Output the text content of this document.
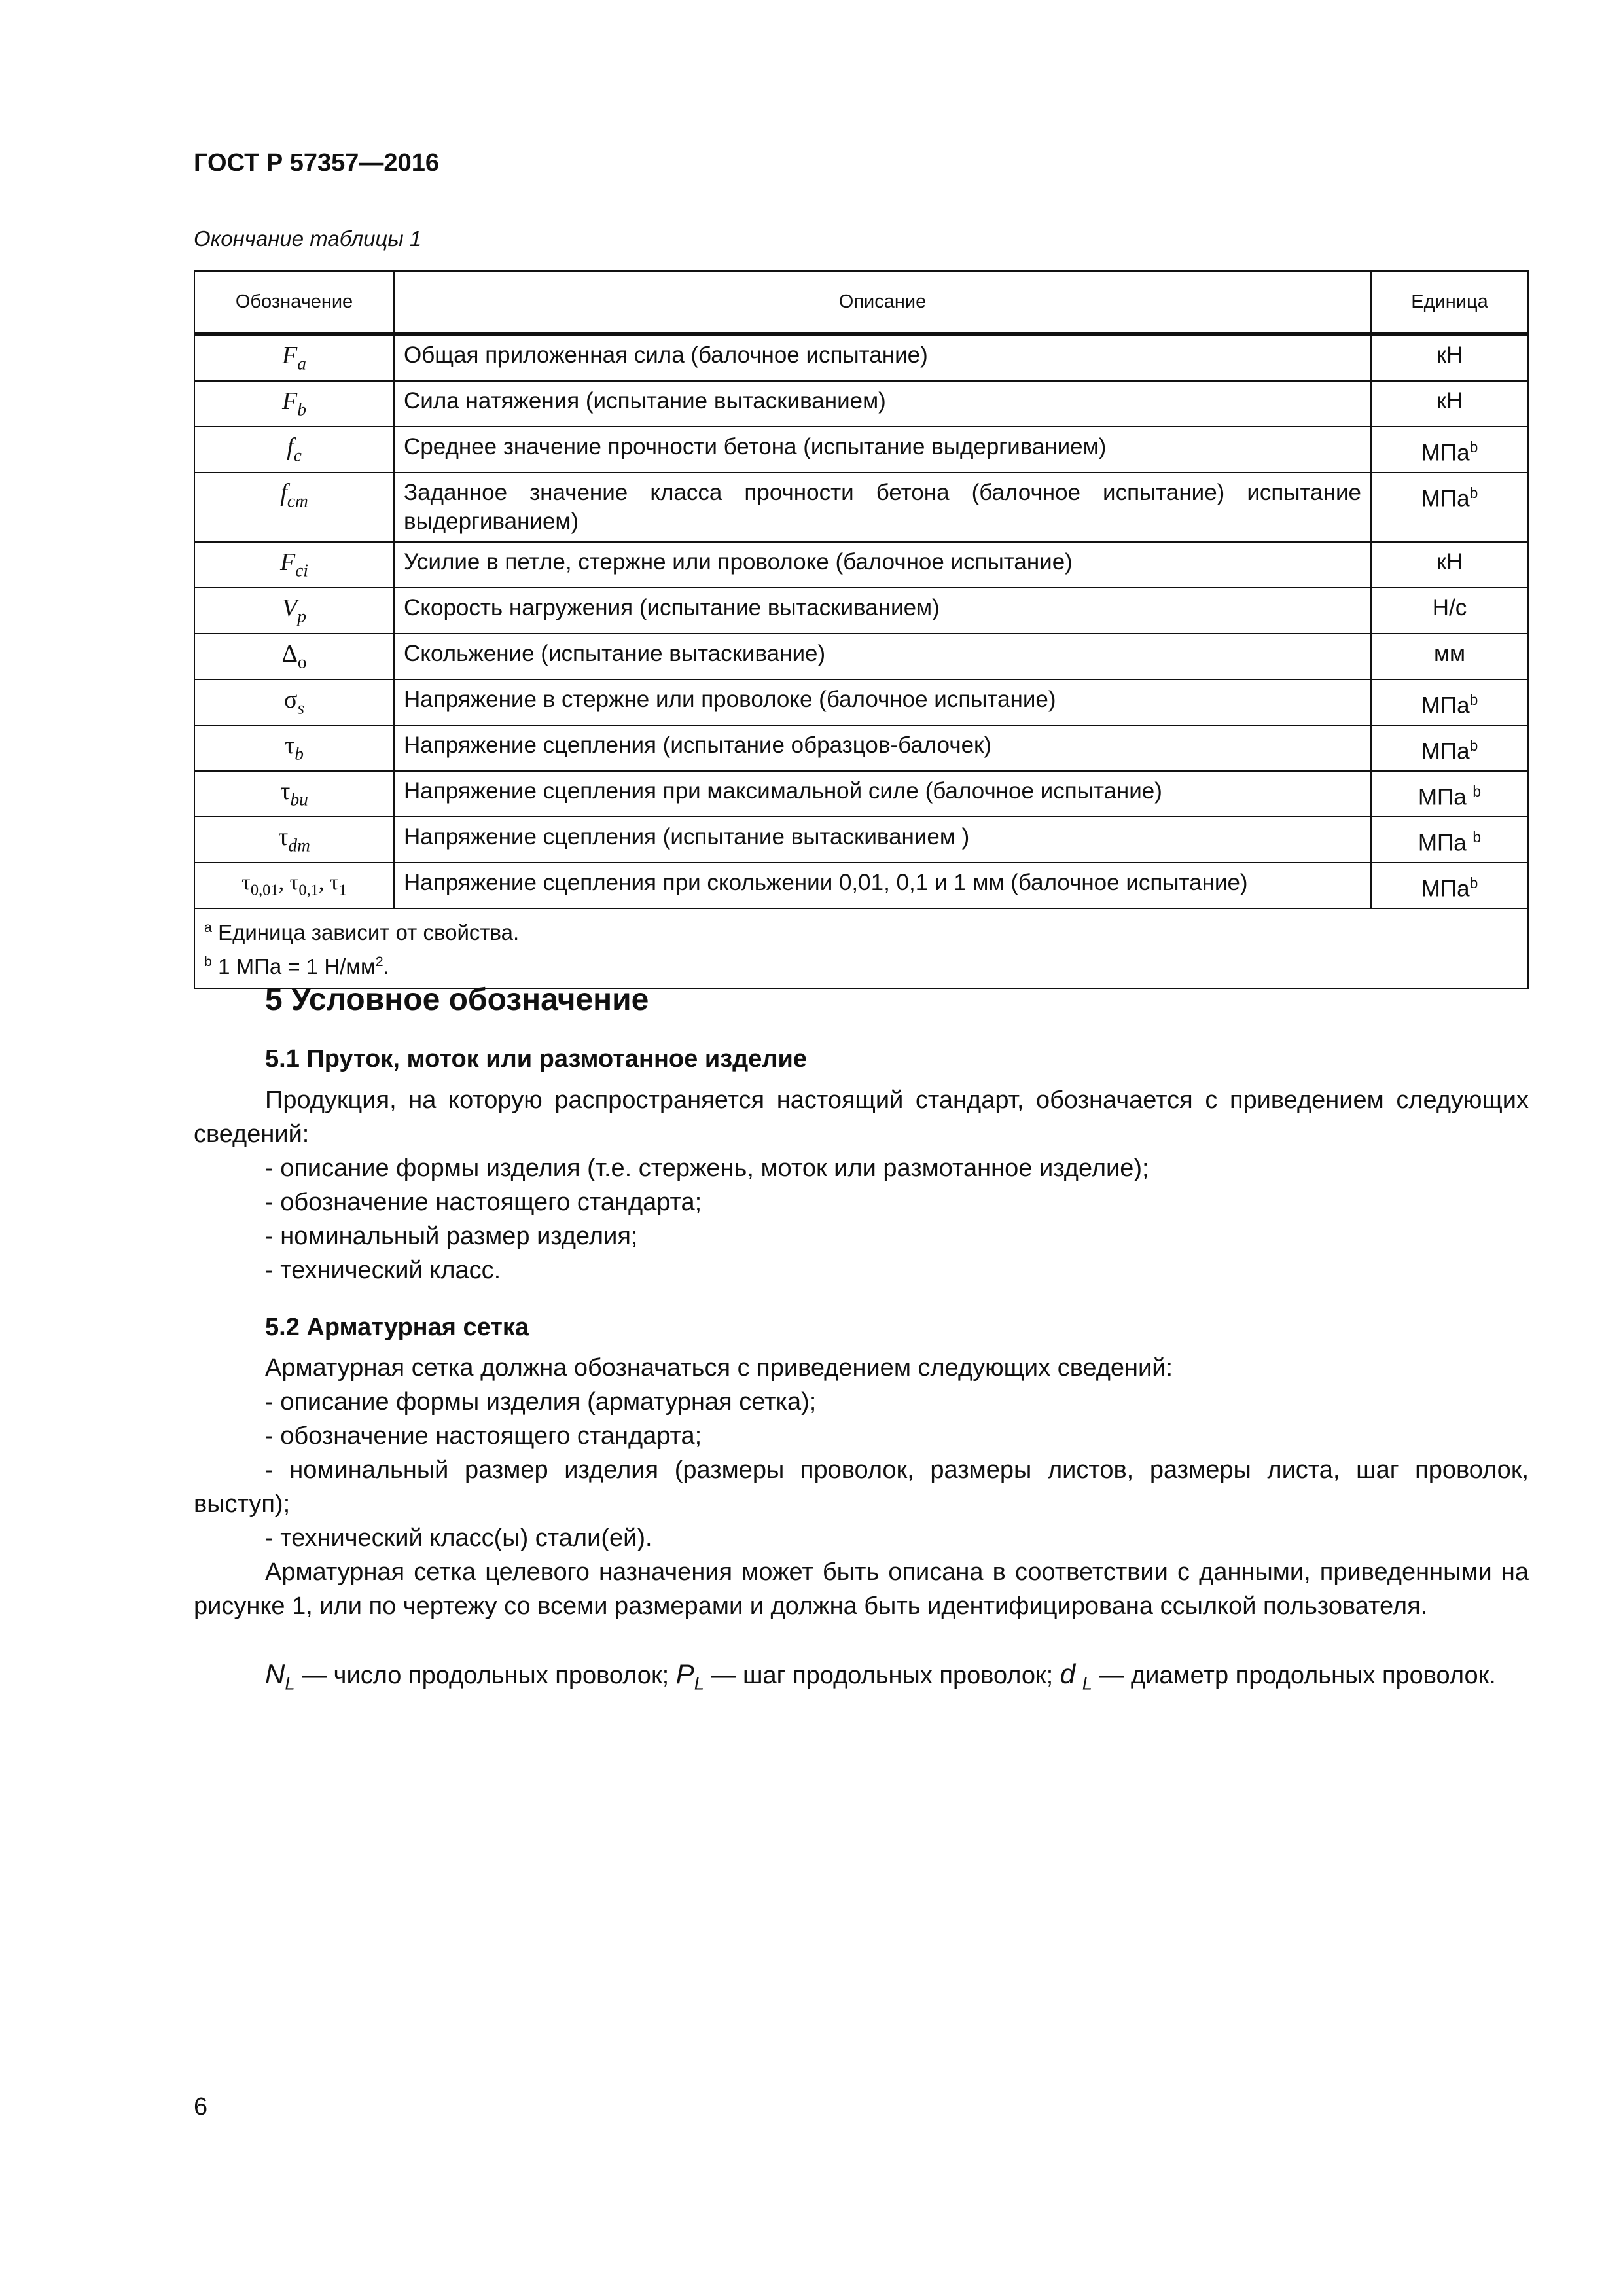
ГОСТ Р 57357—2016
Окончание таблицы 1
Обозначение	Описание	Единица
$F_a$	Общая приложенная сила (балочное испытание)	кН
$F_b$	Сила натяжения (испытание вытаскиванием)	кН
$f_c$	Среднее значение прочности бетона (испытание выдергиванием)	МПа$^b$
$f_{cm}$	Заданное значение класса прочности бетона (балочное испытание) испытание выдергиванием)	МПа$^b$
$F_{ci}$	Усилие в петле, стержне или проволоке (балочное испытание)	кН
$V_p$	Скорость нагружения (испытание вытаскиванием)	Н/с
$\Delta_o$	Скольжение (испытание вытаскивание)	мм
$\sigma_s$	Напряжение в стержне или проволоке (балочное испытание)	МПа$^b$
$\tau_b$	Напряжение сцепления (испытание образцов-балочек)	МПа$^b$
$\tau_{bu}$	Напряжение сцепления при максимальной силе (балочное испытание)	МПа $^b$
$\tau_{dm}$	Напряжение сцепления (испытание вытаскиванием )	МПа $^b$
$\tau_{0,01}$, $\tau_{0,1}$, $\tau_1$	Напряжение сцепления при скольжении 0,01, 0,1 и 1 мм (балочное испытание)	МПа$^b$

$^a$ Единица зависит от свойства.
$^b$ 1 МПа = 1 $Н/мм^2$.		
5 Условное обозначение
5.1 Пруток, моток или размотанное изделие
Продукция, на которую распространяется настоящий стандарт, обозначается с приведением следующих сведений:
- описание формы изделия (т.е. стержень, моток или размотанное изделие);
- обозначение настоящего стандарта;
- номинальный размер изделия;
- технический класс.
5.2 Арматурная сетка
Арматурная сетка должна обозначаться с приведением следующих сведений:
- описание формы изделия (арматурная сетка);
- обозначение настоящего стандарта;
- номинальный размер изделия (размеры проволок, размеры листов, размеры листа, шаг проволок, выступ);
- технический класс(ы) стали(ей).
Арматурная сетка целевого назначения может быть описана в соответствии с данными, приведенными на рисунке 1, или по чертежу со всеми размерами и должна быть идентифицирована ссылкой пользователя.
$N_L$ — число продольных проволок; $P_L$ — шаг продольных проволок; d $_L$ — диаметр продольных проволок.
6
